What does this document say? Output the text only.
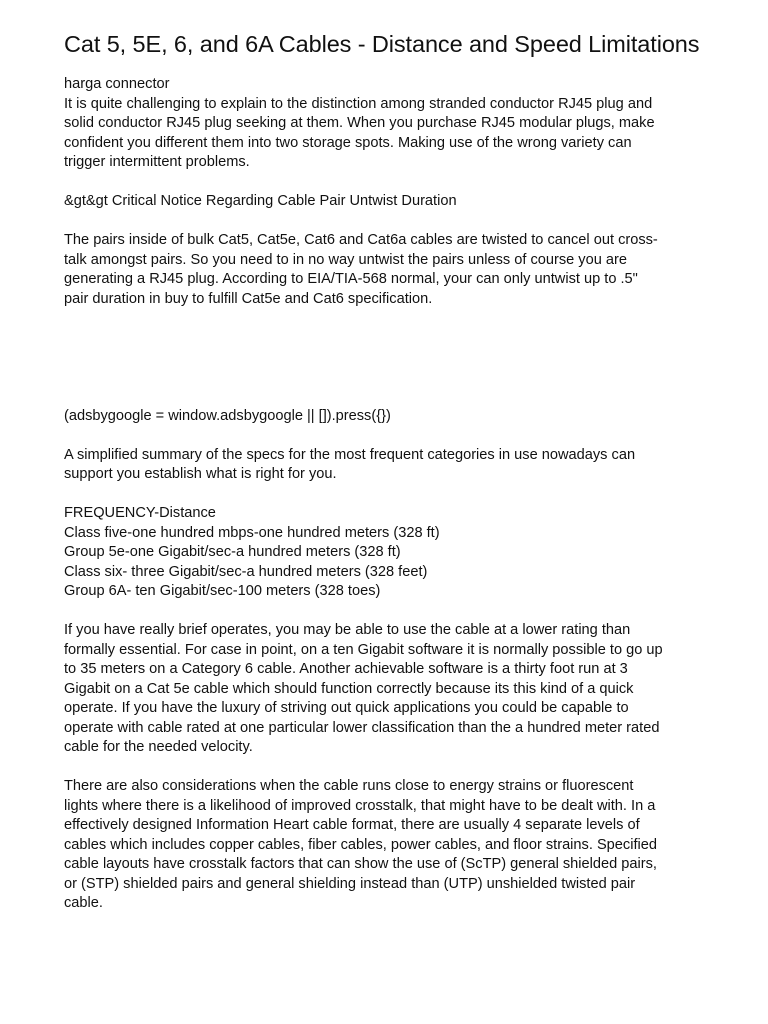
Cat 5, 5E, 6, and 6A Cables - Distance and Speed Limitations

harga connector
It is quite challenging to explain to the distinction among stranded conductor RJ45 plug and
solid conductor RJ45 plug seeking at them. When you purchase RJ45 modular plugs, make
confident you different them into two storage spots. Making use of the wrong variety can
trigger intermittent problems.

&gt&gt Critical Notice Regarding Cable Pair Untwist Duration

The pairs inside of bulk Cat5, Cat5e, Cat6 and Cat6a cables are twisted to cancel out cross-
talk amongst pairs. So you need to in no way untwist the pairs unless of course you are
generating a RJ45 plug. According to EIA/TIA-568 normal, your can only untwist up to .5"
pair duration in buy to fulfill Cat5e and Cat6 specification.

(adsbygoogle = window.adsbygoogle || []).press({})

A simplified summary of the specs for the most frequent categories in use nowadays can
support you establish what is right for you.

FREQUENCY-Distance
Class five-one hundred mbps-one hundred meters (328 ft)
Group 5e-one Gigabit/sec-a hundred meters (328 ft)
Class six- three Gigabit/sec-a hundred meters (328 feet)
Group 6A- ten Gigabit/sec-100 meters (328 toes)

If you have really brief operates, you may be able to use the cable at a lower rating than
formally essential. For case in point, on a ten Gigabit software it is normally possible to go up
to 35 meters on a Category 6 cable. Another achievable software is a thirty foot run at 3
Gigabit on a Cat 5e cable which should function correctly because its this kind of a quick
operate. If you have the luxury of striving out quick applications you could be capable to
operate with cable rated at one particular lower classification than the a hundred meter rated
cable for the needed velocity.

There are also considerations when the cable runs close to energy strains or fluorescent
lights where there is a likelihood of improved crosstalk, that might have to be dealt with. In a
effectively designed Information Heart cable format, there are usually 4 separate levels of
cables which includes copper cables, fiber cables, power cables, and floor strains. Specified
cable layouts have crosstalk factors that can show the use of (ScTP) general shielded pairs,
or (STP) shielded pairs and general shielding instead than (UTP) unshielded twisted pair
cable.
